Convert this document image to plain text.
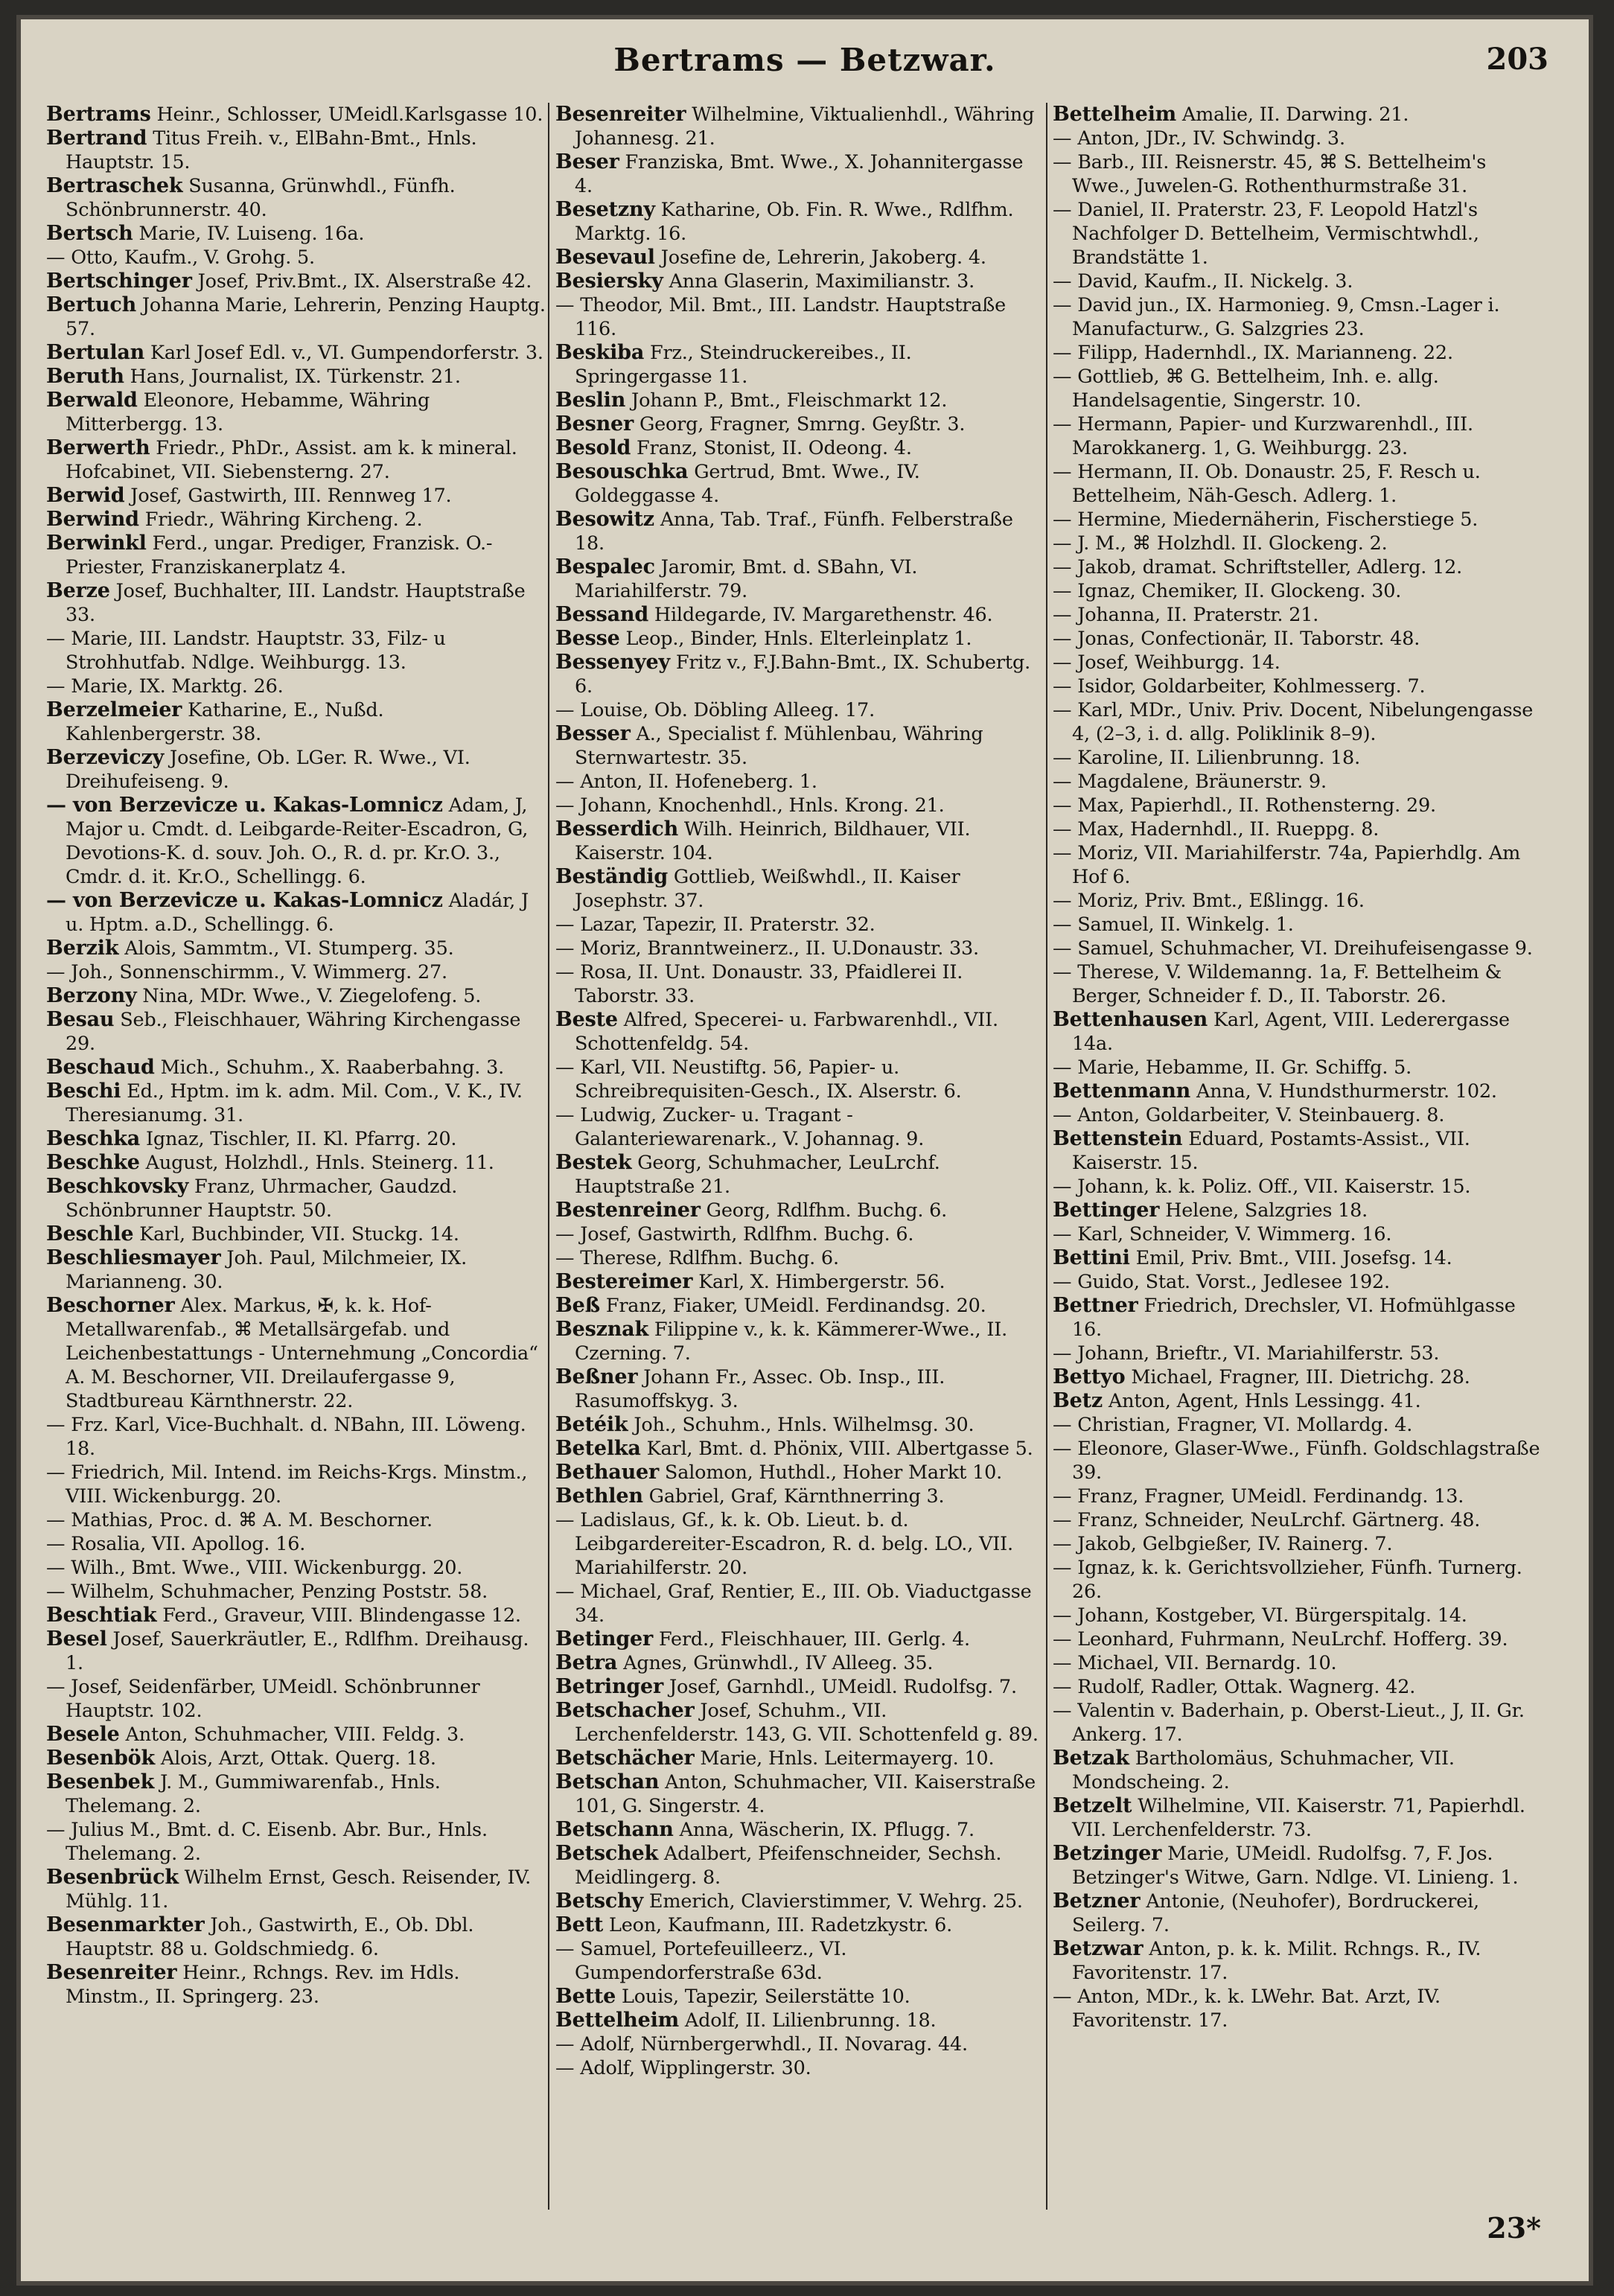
Bertrams — Betzwar.	203

Bertrams Heinr., Schlosser, UMeidl.Karlsgasse 10.

Bertrand Titus Freih. v., ElBahn-Bmt., Hnls. Hauptstr. 15.

Bertraschek Susanna, Grünwhdl., Fünfh. Schönbrunnerstr. 40.

Bertsch Marie, IV. Luiseng. 16a.

— Otto, Kaufm., V. Grohg. 5.

Bertschinger Josef, Priv.Bmt., IX. Alserstraße 42.

Bertuch Johanna Marie, Lehrerin, Penzing Hauptg. 57.

Bertulan Karl Josef Edl. v., VI. Gumpendorferstr. 3.

Beruth Hans, Journalist, IX. Türkenstr. 21.

Berwald Eleonore, Hebamme, Währing Mitterbergg. 13.

Berwerth Friedr., PhDr., Assist. am k. k mineral. Hofcabinet, VII. Siebensterng. 27.

Berwid Josef, Gastwirth, III. Rennweg 17.

Berwind Friedr., Währing Kircheng. 2.

Berwinkl Ferd., ungar. Prediger, Franzisk. O.-Priester, Franziskanerplatz 4.

Berze Josef, Buchhalter, III. Landstr. Hauptstraße 33.

— Marie, III. Landstr. Hauptstr. 33, Filz- u Strohhutfab. Ndlge. Weihburgg. 13.

— Marie, IX. Marktg. 26.

Berzelmeier Katharine, E., Nußd. Kahlenbergerstr. 38.

Berzeviczy Josefine, Ob. LGer. R. Wwe., VI. Dreihufeiseng. 9.

— von Berzevicze u. Kakas-Lomnicz Adam, J, Major u. Cmdt. d. Leibgarde-Reiter-Escadron, G, Devotions-K. d. souv. Joh. O., R. d. pr. Kr.O. 3., Cmdr. d. it. Kr.O., Schellingg. 6.

— von Berzevicze u. Kakas-Lomnicz Aladár, J u. Hptm. a.D., Schellingg. 6.

Berzik Alois, Sammtm., VI. Stumperg. 35.

— Joh., Sonnenschirmm., V. Wimmerg. 27.

Berzony Nina, MDr. Wwe., V. Ziegelofeng. 5.

Besau Seb., Fleischhauer, Währing Kirchengasse 29.

Beschaud Mich., Schuhm., X. Raaberbahng. 3.

Beschi Ed., Hptm. im k. adm. Mil. Com., V. K., IV. Theresianumg. 31.

Beschka Ignaz, Tischler, II. Kl. Pfarrg. 20.

Beschke August, Holzhdl., Hnls. Steinerg. 11.

Beschkovsky Franz, Uhrmacher, Gaudzd. Schönbrunner Hauptstr. 50.

Beschle Karl, Buchbinder, VII. Stuckg. 14.

Beschliesmayer Joh. Paul, Milchmeier, IX. Marianneng. 30.

Beschorner Alex. Markus, ✠, k. k. Hof-Metallwarenfab., ⌘ Metallsärgefab. und Leichenbestattungs - Unternehmung „Concordia“ A. M. Beschorner, VII. Dreilaufergasse 9, Stadtbureau Kärnthnerstr. 22.

— Frz. Karl, Vice-Buchhalt. d. NBahn, III. Löweng. 18.

— Friedrich, Mil. Intend. im Reichs-Krgs. Minstm., VIII. Wickenburgg. 20.

— Mathias, Proc. d. ⌘ A. M. Beschorner.

— Rosalia, VII. Apollog. 16.

— Wilh., Bmt. Wwe., VIII. Wickenburgg. 20.

— Wilhelm, Schuhmacher, Penzing Poststr. 58.

Beschtiak Ferd., Graveur, VIII. Blindengasse 12.

Besel Josef, Sauerkräutler, E., Rdlfhm. Dreihausg. 1.

— Josef, Seidenfärber, UMeidl. Schönbrunner Hauptstr. 102.

Besele Anton, Schuhmacher, VIII. Feldg. 3.

Besenbök Alois, Arzt, Ottak. Querg. 18.

Besenbek J. M., Gummiwarenfab., Hnls. Thelemang. 2.

— Julius M., Bmt. d. C. Eisenb. Abr. Bur., Hnls. Thelemang. 2.

Besenbrück Wilhelm Ernst, Gesch. Reisender, IV. Mühlg. 11.

Besenmarkter Joh., Gastwirth, E., Ob. Dbl. Hauptstr. 88 u. Goldschmiedg. 6.

Besenreiter Heinr., Rchngs. Rev. im Hdls. Minstm., II. Springerg. 23.

Besenreiter Wilhelmine, Viktualienhdl., Währing Johannesg. 21.

Beser Franziska, Bmt. Wwe., X. Johannitergasse 4.

Besetzny Katharine, Ob. Fin. R. Wwe., Rdlfhm. Marktg. 16.

Besevaul Josefine de, Lehrerin, Jakoberg. 4.

Besiersky Anna Glaserin, Maximilianstr. 3.

— Theodor, Mil. Bmt., III. Landstr. Hauptstraße 116.

Beskiba Frz., Steindruckereibes., II. Springergasse 11.

Beslin Johann P., Bmt., Fleischmarkt 12.

Besner Georg, Fragner, Smrng. Geyßtr. 3.

Besold Franz, Stonist, II. Odeong. 4.

Besouschka Gertrud, Bmt. Wwe., IV. Goldeggasse 4.

Besowitz Anna, Tab. Traf., Fünfh. Felberstraße 18.

Bespalec Jaromir, Bmt. d. SBahn, VI. Mariahilferstr. 79.

Bessand Hildegarde, IV. Margarethenstr. 46.

Besse Leop., Binder, Hnls. Elterleinplatz 1.

Bessenyey Fritz v., F.J.Bahn-Bmt., IX. Schubertg. 6.

— Louise, Ob. Döbling Alleeg. 17.

Besser A., Specialist f. Mühlenbau, Währing Sternwartestr. 35.

— Anton, II. Hofeneberg. 1.

— Johann, Knochenhdl., Hnls. Krong. 21.

Besserdich Wilh. Heinrich, Bildhauer, VII. Kaiserstr. 104.

Beständig Gottlieb, Weißwhdl., II. Kaiser Josephstr. 37.

— Lazar, Tapezir, II. Praterstr. 32.

— Moriz, Branntweinerz., II. U.Donaustr. 33.

— Rosa, II. Unt. Donaustr. 33, Pfaidlerei II. Taborstr. 33.

Beste Alfred, Specerei- u. Farbwarenhdl., VII. Schottenfeldg. 54.

— Karl, VII. Neustiftg. 56, Papier- u. Schreibrequisiten-Gesch., IX. Alserstr. 6.

— Ludwig, Zucker- u. Tragant - Galanteriewarenark., V. Johannag. 9.

Bestek Georg, Schuhmacher, LeuLrchf. Hauptstraße 21.

Bestenreiner Georg, Rdlfhm. Buchg. 6.

— Josef, Gastwirth, Rdlfhm. Buchg. 6.

— Therese, Rdlfhm. Buchg. 6.

Bestereimer Karl, X. Himbergerstr. 56.

Beß Franz, Fiaker, UMeidl. Ferdinandsg. 20.

Besznak Filippine v., k. k. Kämmerer-Wwe., II. Czerning. 7.

Beßner Johann Fr., Assec. Ob. Insp., III. Rasumoffskyg. 3.

Betéik Joh., Schuhm., Hnls. Wilhelmsg. 30.

Betelka Karl, Bmt. d. Phönix, VIII. Albertgasse 5.

Bethauer Salomon, Huthdl., Hoher Markt 10.

Bethlen Gabriel, Graf, Kärnthnerring 3.

— Ladislaus, Gf., k. k. Ob. Lieut. b. d. Leibgardereiter-Escadron, R. d. belg. LO., VII. Mariahilferstr. 20.

— Michael, Graf, Rentier, E., III. Ob. Viaductgasse 34.

Betinger Ferd., Fleischhauer, III. Gerlg. 4.

Betra Agnes, Grünwhdl., IV Alleeg. 35.

Betringer Josef, Garnhdl., UMeidl. Rudolfsg. 7.

Betschacher Josef, Schuhm., VII. Lerchenfelderstr. 143, G. VII. Schottenfeld g. 89.

Betschächer Marie, Hnls. Leitermayerg. 10.

Betschan Anton, Schuhmacher, VII. Kaiserstraße 101, G. Singerstr. 4.

Betschann Anna, Wäscherin, IX. Pflugg. 7.

Betschek Adalbert, Pfeifenschneider, Sechsh. Meidlingerg. 8.

Betschy Emerich, Clavierstimmer, V. Wehrg. 25.

Bett Leon, Kaufmann, III. Radetzkystr. 6.

— Samuel, Portefeuilleerz., VI. Gumpendorferstraße 63d.

Bette Louis, Tapezir, Seilerstätte 10.

Bettelheim Adolf, II. Lilienbrunng. 18.

— Adolf, Nürnbergerwhdl., II. Novarag. 44.

— Adolf, Wipplingerstr. 30.

Bettelheim Amalie, II. Darwing. 21.

— Anton, JDr., IV. Schwindg. 3.

— Barb., III. Reisnerstr. 45, ⌘ S. Bettelheim's Wwe., Juwelen-G. Rothenthurmstraße 31.

— Daniel, II. Praterstr. 23, F. Leopold Hatzl's Nachfolger D. Bettelheim, Vermischtwhdl., Brandstätte 1.

— David, Kaufm., II. Nickelg. 3.

— David jun., IX. Harmonieg. 9, Cmsn.-Lager i. Manufacturw., G. Salzgries 23.

— Filipp, Hadernhdl., IX. Marianneng. 22.

— Gottlieb, ⌘ G. Bettelheim, Inh. e. allg. Handelsagentie, Singerstr. 10.

— Hermann, Papier- und Kurzwarenhdl., III. Marokkanerg. 1, G. Weihburgg. 23.

— Hermann, II. Ob. Donaustr. 25, F. Resch u. Bettelheim, Näh-Gesch. Adlerg. 1.

— Hermine, Miedernäherin, Fischerstiege 5.

— J. M., ⌘ Holzhdl. II. Glockeng. 2.

— Jakob, dramat. Schriftsteller, Adlerg. 12.

— Ignaz, Chemiker, II. Glockeng. 30.

— Johanna, II. Praterstr. 21.

— Jonas, Confectionär, II. Taborstr. 48.

— Josef, Weihburgg. 14.

— Isidor, Goldarbeiter, Kohlmesserg. 7.

— Karl, MDr., Univ. Priv. Docent, Nibelungengasse 4, (2–3, i. d. allg. Poliklinik 8–9).

— Karoline, II. Lilienbrunng. 18.

— Magdalene, Bräunerstr. 9.

— Max, Papierhdl., II. Rothensterng. 29.

— Max, Hadernhdl., II. Rueppg. 8.

— Moriz, VII. Mariahilferstr. 74a, Papierhdlg. Am Hof 6.

— Moriz, Priv. Bmt., Eßlingg. 16.

— Samuel, II. Winkelg. 1.

— Samuel, Schuhmacher, VI. Dreihufeisengasse 9.

— Therese, V. Wildemanng. 1a, F. Bettelheim & Berger, Schneider f. D., II. Taborstr. 26.

Bettenhausen Karl, Agent, VIII. Lederergasse 14a.

— Marie, Hebamme, II. Gr. Schiffg. 5.

Bettenmann Anna, V. Hundsthurmerstr. 102.

— Anton, Goldarbeiter, V. Steinbauerg. 8.

Bettenstein Eduard, Postamts-Assist., VII. Kaiserstr. 15.

— Johann, k. k. Poliz. Off., VII. Kaiserstr. 15.

Bettinger Helene, Salzgries 18.

— Karl, Schneider, V. Wimmerg. 16.

Bettini Emil, Priv. Bmt., VIII. Josefsg. 14.

— Guido, Stat. Vorst., Jedlesee 192.

Bettner Friedrich, Drechsler, VI. Hofmühlgasse 16.

— Johann, Brieftr., VI. Mariahilferstr. 53.

Bettyo Michael, Fragner, III. Dietrichg. 28.

Betz Anton, Agent, Hnls Lessingg. 41.

— Christian, Fragner, VI. Mollardg. 4.

— Eleonore, Glaser-Wwe., Fünfh. Goldschlagstraße 39.

— Franz, Fragner, UMeidl. Ferdinandg. 13.

— Franz, Schneider, NeuLrchf. Gärtnerg. 48.

— Jakob, Gelbgießer, IV. Rainerg. 7.

— Ignaz, k. k. Gerichtsvollzieher, Fünfh. Turnerg. 26.

— Johann, Kostgeber, VI. Bürgerspitalg. 14.

— Leonhard, Fuhrmann, NeuLrchf. Hofferg. 39.

— Michael, VII. Bernardg. 10.

— Rudolf, Radler, Ottak. Wagnerg. 42.

— Valentin v. Baderhain, p. Oberst-Lieut., J, II. Gr. Ankerg. 17.

Betzak Bartholomäus, Schuhmacher, VII. Mondscheing. 2.

Betzelt Wilhelmine, VII. Kaiserstr. 71, Papierhdl. VII. Lerchenfelderstr. 73.

Betzinger Marie, UMeidl. Rudolfsg. 7, F. Jos. Betzinger's Witwe, Garn. Ndlge. VI. Linieng. 1.

Betzner Antonie, (Neuhofer), Bordruckerei, Seilerg. 7.

Betzwar Anton, p. k. k. Milit. Rchngs. R., IV. Favoritenstr. 17.

— Anton, MDr., k. k. LWehr. Bat. Arzt, IV. Favoritenstr. 17.

23*
